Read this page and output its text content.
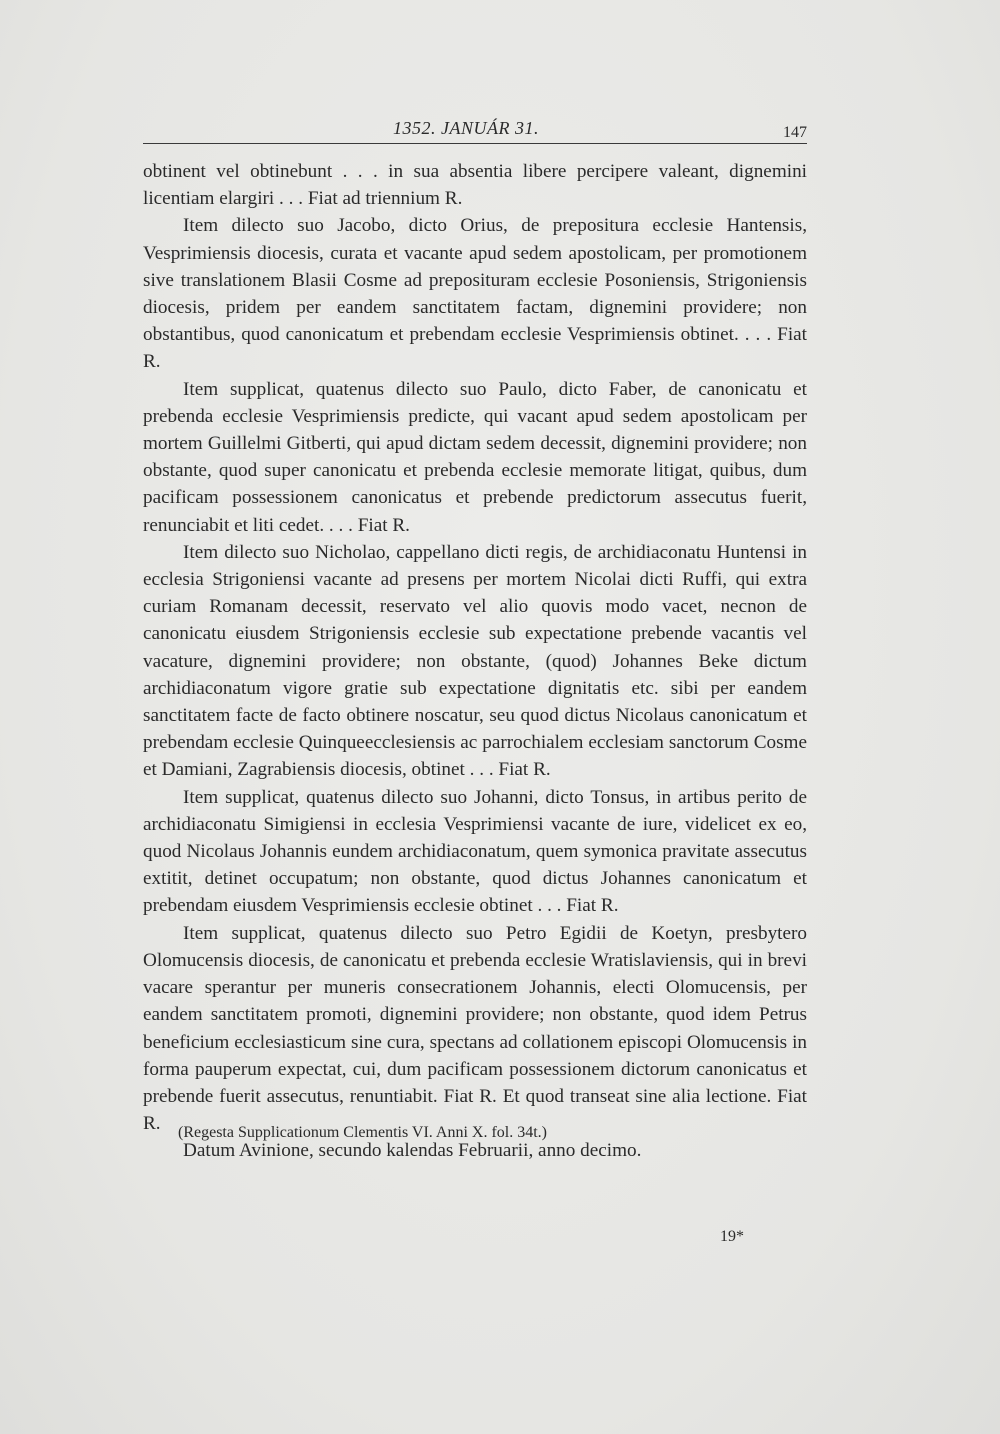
1352. JANUÁR 31.	147

obtinent vel obtinebunt . . . in sua absentia libere percipere valeant, dignemini licentiam elargiri . . . Fiat ad triennium R.

Item dilecto suo Jacobo, dicto Orius, de prepositura ecclesie Hantensis, Vesprimiensis diocesis, curata et vacante apud sedem apostolicam, per promotionem sive translationem Blasii Cosme ad preposituram ecclesie Posoniensis, Strigoniensis diocesis, pridem per eandem sanctitatem factam, dignemini providere; non obstantibus, quod canonicatum et prebendam ecclesie Vesprimiensis obtinet. . . . Fiat R.

Item supplicat, quatenus dilecto suo Paulo, dicto Faber, de canonicatu et prebenda ecclesie Vesprimiensis predicte, qui vacant apud sedem apostolicam per mortem Guillelmi Gitberti, qui apud dictam sedem decessit, dignemini providere; non obstante, quod super canonicatu et prebenda ecclesie memorate litigat, quibus, dum pacificam possessionem canonicatus et prebende predictorum assecutus fuerit, renunciabit et liti cedet. . . . Fiat R.

Item dilecto suo Nicholao, cappellano dicti regis, de archidiaconatu Huntensi in ecclesia Strigoniensi vacante ad presens per mortem Nicolai dicti Ruffi, qui extra curiam Romanam decessit, reservato vel alio quovis modo vacet, necnon de canonicatu eiusdem Strigoniensis ecclesie sub expectatione prebende vacantis vel vacature, dignemini providere; non obstante, (quod) Johannes Beke dictum archidiaconatum vigore gratie sub expectatione dignitatis etc. sibi per eandem sanctitatem facte de facto obtinere noscatur, seu quod dictus Nicolaus canonicatum et prebendam ecclesie Quinqueecclesiensis ac parrochialem ecclesiam sanctorum Cosme et Damiani, Zagrabiensis diocesis, obtinet . . . Fiat R.

Item supplicat, quatenus dilecto suo Johanni, dicto Tonsus, in artibus perito de archidiaconatu Simigiensi in ecclesia Vesprimiensi vacante de iure, videlicet ex eo, quod Nicolaus Johannis eundem archidiaconatum, quem symonica pravitate assecutus extitit, detinet occupatum; non obstante, quod dictus Johannes canonicatum et prebendam eiusdem Vesprimiensis ecclesie obtinet . . . Fiat R.

Item supplicat, quatenus dilecto suo Petro Egidii de Koetyn, presbytero Olomucensis diocesis, de canonicatu et prebenda ecclesie Wratislaviensis, qui in brevi vacare sperantur per muneris consecrationem Johannis, electi Olomucensis, per eandem sanctitatem promoti, dignemini providere; non obstante, quod idem Petrus beneficium ecclesiasticum sine cura, spectans ad collationem episcopi Olomucensis in forma pauperum expectat, cui, dum pacificam possessionem dictorum canonicatus et prebende fuerit assecutus, renuntiabit. Fiat R. Et quod transeat sine alia lectione. Fiat R.

Datum Avinione, secundo kalendas Februarii, anno decimo.

(Regesta Supplicationum Clementis VI. Anni X. fol. 34t.)
19*
